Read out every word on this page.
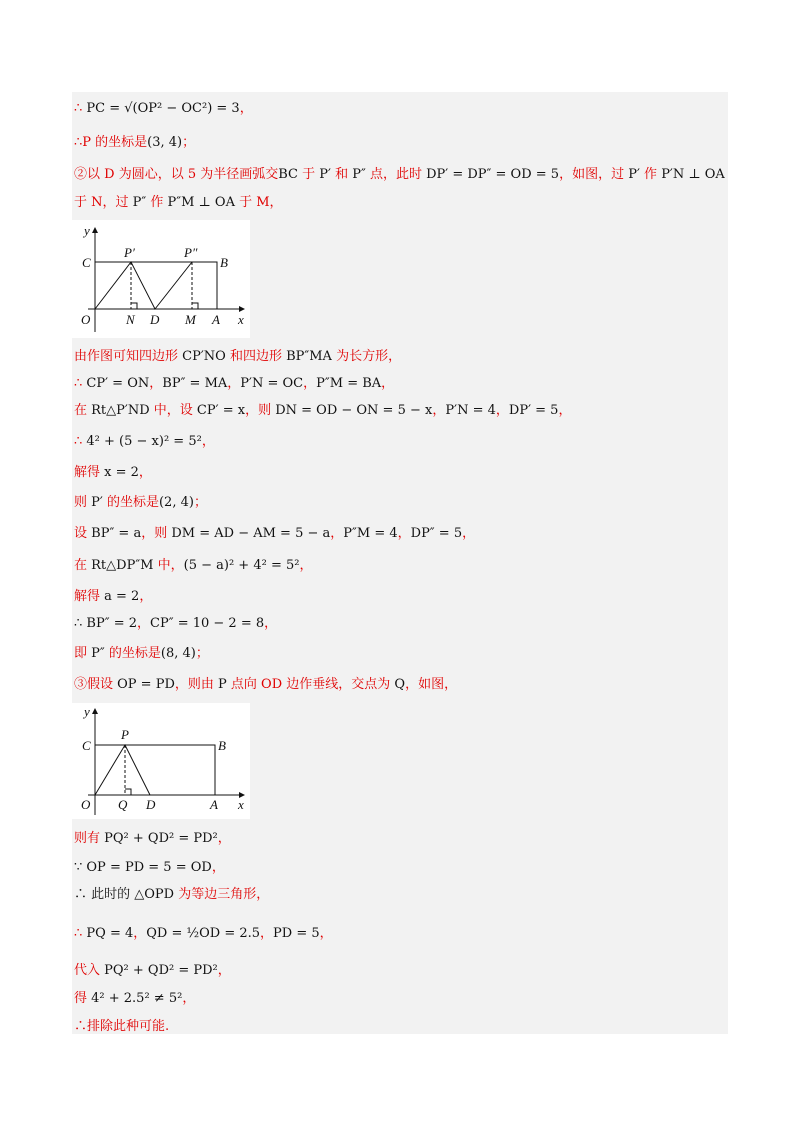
∴ PC = √(OP² − OC²) = 3，
∴P 的坐标是(3, 4)；
②以 D 为圆心，以 5 为半径画弧交BC 于 P′ 和 P″ 点，此时 DP′ = DP″ = OD = 5，如图，过 P′ 作 P′N ⊥ OA
于 N，过 P″ 作 P″M ⊥ OA 于 M，
y
C
P′	P″
B
O	N D M A x
由作图可知四边形 CP′NO 和四边形 BP″MA 为长方形，
∴ CP′ = ON，BP″ = MA，P′N = OC，P″M = BA，
在 Rt△P′ND 中，设 CP′ = x，则 DN = OD − ON = 5 − x，P′N = 4，DP′ = 5，
∴ 4² + (5 − x)² = 5²，
解得 x = 2，
则 P′ 的坐标是(2, 4)；
设 BP″ = a，则 DM = AD − AM = 5 − a，P″M = 4，DP″ = 5，
在 Rt△DP″M 中，(5 − a)² + 4² = 5²，
解得 a = 2，
∴ BP″ = 2，CP″ = 10 − 2 = 8，
即 P″ 的坐标是(8, 4)；
③假设 OP = PD，则由 P 点向 OD 边作垂线，交点为 Q，如图，
y
C
P
B
O Q D	A x
则有 PQ² + QD² = PD²，
∵ OP = PD = 5 = OD，
∴ 此时的 △OPD 为等边三角形，
∴ PQ = 4，QD = ½OD = 2.5，PD = 5，
代入 PQ² + QD² = PD²，
得 4² + 2.5² ≠ 5²，
∴排除此种可能.
